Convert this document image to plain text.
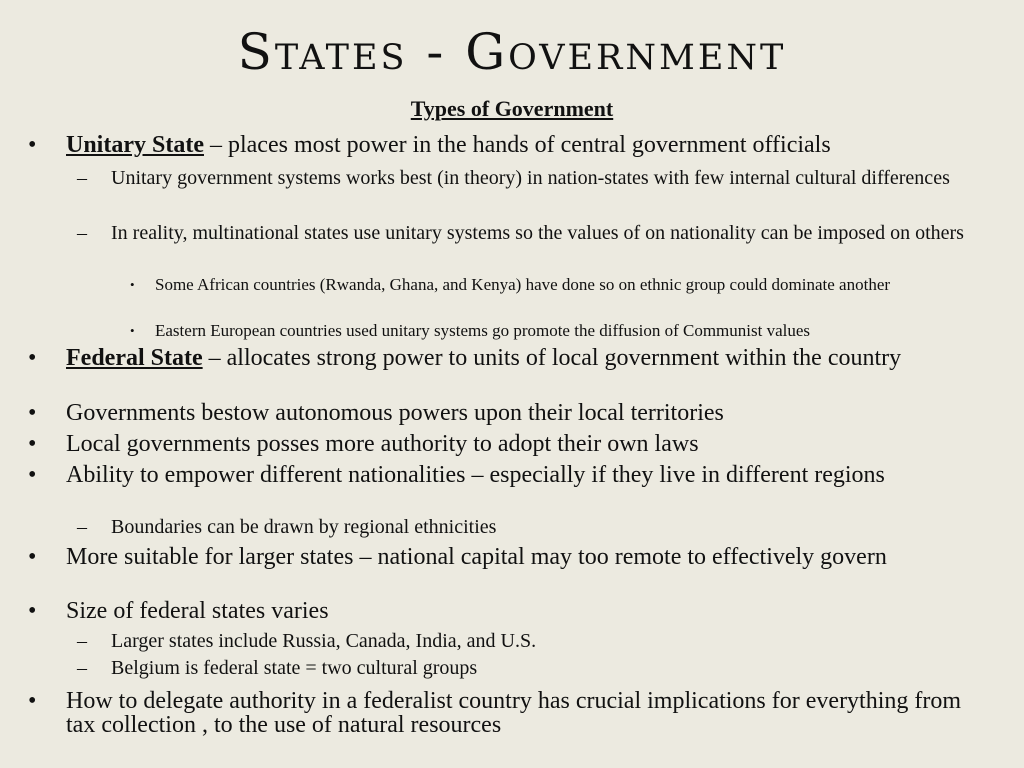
States - Government
Types of Government
• Unitary State – places most power in the hands of central government officials
– Unitary government systems works best (in theory) in nation-states with few internal cultural differences
– In reality, multinational states use unitary systems so the values of on nationality can be imposed on others
• Some African countries (Rwanda, Ghana, and Kenya) have done so on ethnic group could dominate another
• Eastern European countries used unitary systems go promote the diffusion of Communist values
• Federal State – allocates strong power to units of local government within the country
• Governments bestow autonomous powers upon their local territories
• Local governments posses more authority to adopt their own laws
• Ability to empower different nationalities – especially if they live in different regions
– Boundaries can be drawn by regional ethnicities
• More suitable for larger states – national capital may too remote to effectively govern
• Size of federal states varies
– Larger states include Russia, Canada, India, and U.S.
– Belgium is federal state = two cultural groups
• How to delegate authority in a federalist country has crucial implications for everything from tax collection , to the use of natural resources
